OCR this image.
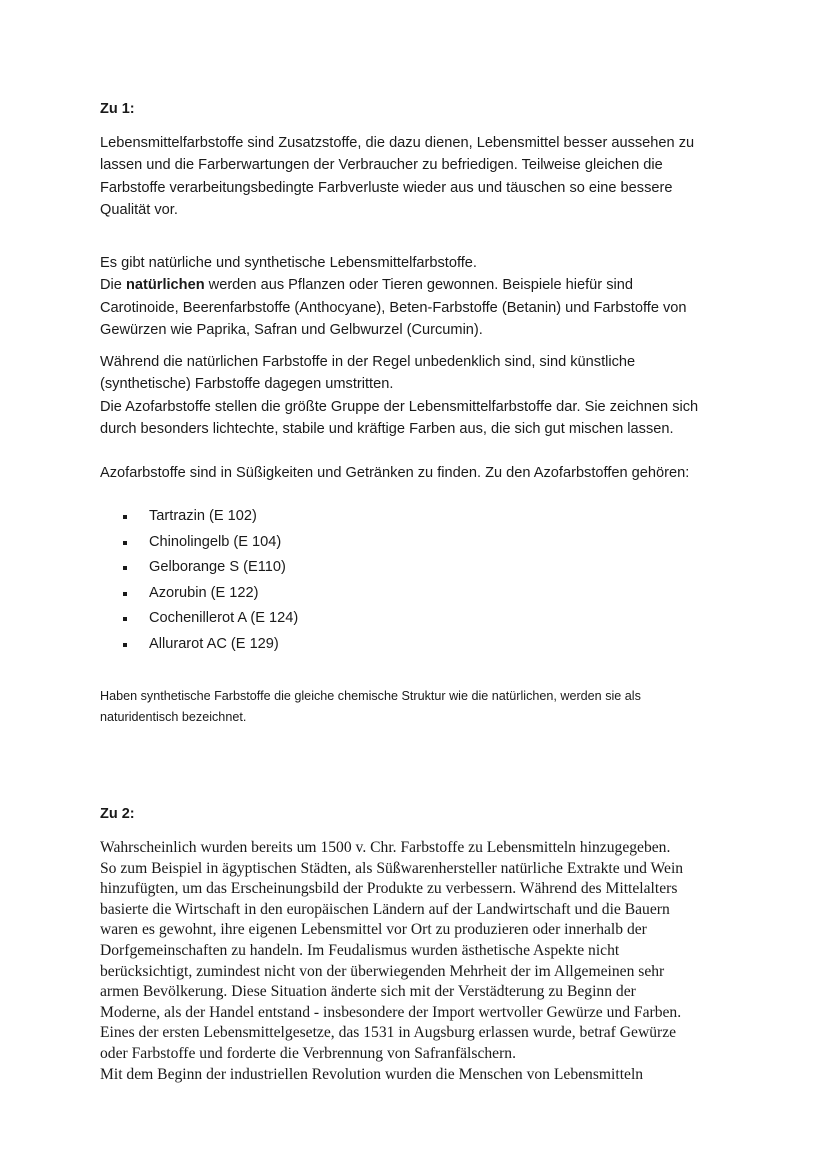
Zu 1:

Lebensmittelfarbstoffe sind Zusatzstoffe, die dazu dienen, Lebensmittel besser aussehen zu
lassen und die Farberwartungen der Verbraucher zu befriedigen. Teilweise gleichen die
Farbstoffe verarbeitungsbedingte Farbverluste wieder aus und täuschen so eine bessere
Qualität vor.

Es gibt natürliche und synthetische Lebensmittelfarbstoffe.
Die natürlichen werden aus Pflanzen oder Tieren gewonnen. Beispiele hiefür sind
Carotinoide, Beerenfarbstoffe (Anthocyane), Beten-Farbstoffe (Betanin) und Farbstoffe von
Gewürzen wie Paprika, Safran und Gelbwurzel (Curcumin).

Während die natürlichen Farbstoffe in der Regel unbedenklich sind, sind künstliche
(synthetische) Farbstoffe dagegen umstritten.
Die Azofarbstoffe stellen die größte Gruppe der Lebensmittelfarbstoffe dar. Sie zeichnen sich
durch besonders lichtechte, stabile und kräftige Farben aus, die sich gut mischen lassen.

Azofarbstoffe sind in Süßigkeiten und Getränken zu finden. Zu den Azofarbstoffen gehören:

Tartrazin (E 102)
Chinolingelb (E 104)
Gelborange S (E110)
Azorubin (E 122)
Cochenillerot A (E 124)
Allurarot AC (E 129)

Haben synthetische Farbstoffe die gleiche chemische Struktur wie die natürlichen, werden sie als
naturidentisch bezeichnet.

Zu 2:

Wahrscheinlich wurden bereits um 1500 v. Chr. Farbstoffe zu Lebensmitteln hinzugegeben.
So zum Beispiel in ägyptischen Städten, als Süßwarenhersteller natürliche Extrakte und Wein
hinzufügten, um das Erscheinungsbild der Produkte zu verbessern. Während des Mittelalters
basierte die Wirtschaft in den europäischen Ländern auf der Landwirtschaft und die Bauern
waren es gewohnt, ihre eigenen Lebensmittel vor Ort zu produzieren oder innerhalb der
Dorfgemeinschaften zu handeln. Im Feudalismus wurden ästhetische Aspekte nicht
berücksichtigt, zumindest nicht von der überwiegenden Mehrheit der im Allgemeinen sehr
armen Bevölkerung. Diese Situation änderte sich mit der Verstädterung zu Beginn der
Moderne, als der Handel entstand - insbesondere der Import wertvoller Gewürze und Farben.
Eines der ersten Lebensmittelgesetze, das 1531 in Augsburg erlassen wurde, betraf Gewürze
oder Farbstoffe und forderte die Verbrennung von Safranfälschern.
Mit dem Beginn der industriellen Revolution wurden die Menschen von Lebensmitteln
